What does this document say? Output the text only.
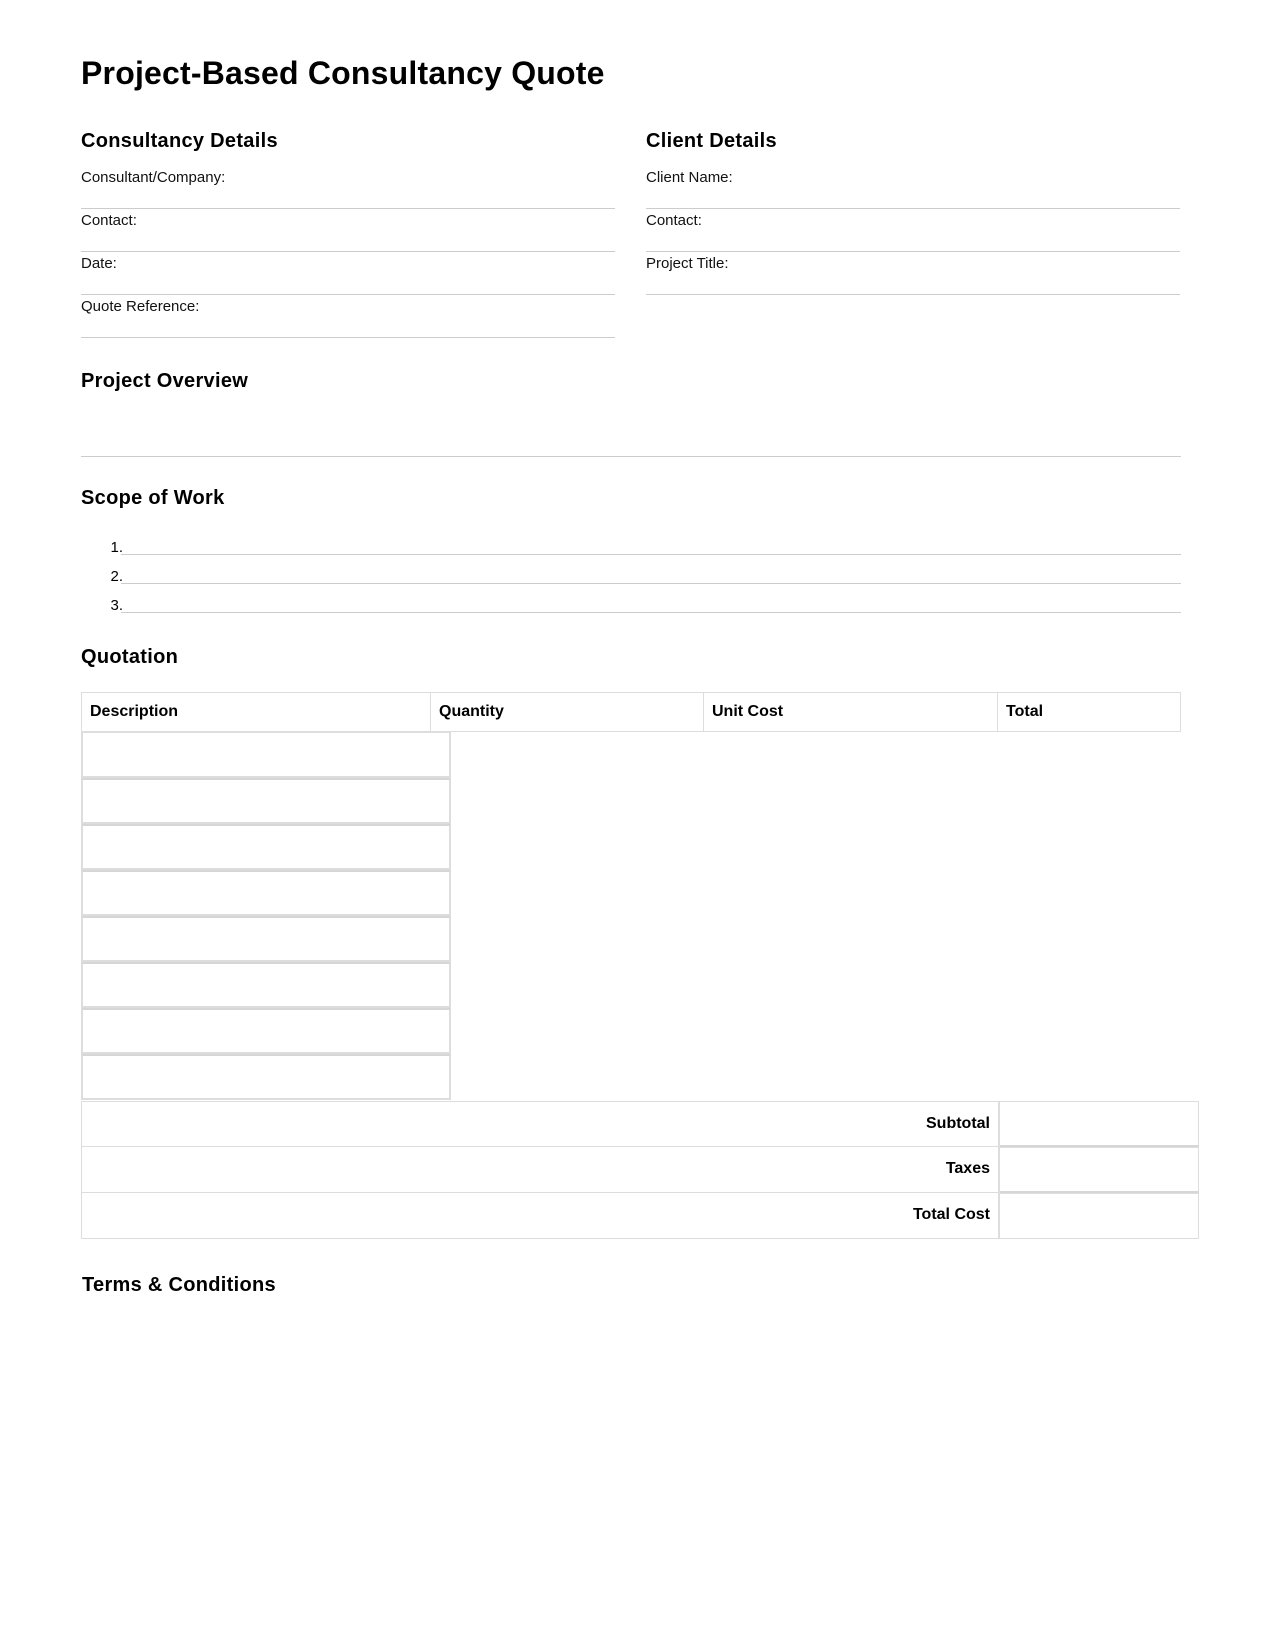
Project-Based Consultancy Quote
Consultancy Details
Consultant/Company:
Contact:
Date:
Quote Reference:
Client Details
Client Name:
Contact:
Project Title:
Project Overview
Scope of Work
1.
2.
3.
Quotation
Description	Quantity	Unit Cost	Total
Subtotal
Taxes
Total Cost
Terms & Conditions
